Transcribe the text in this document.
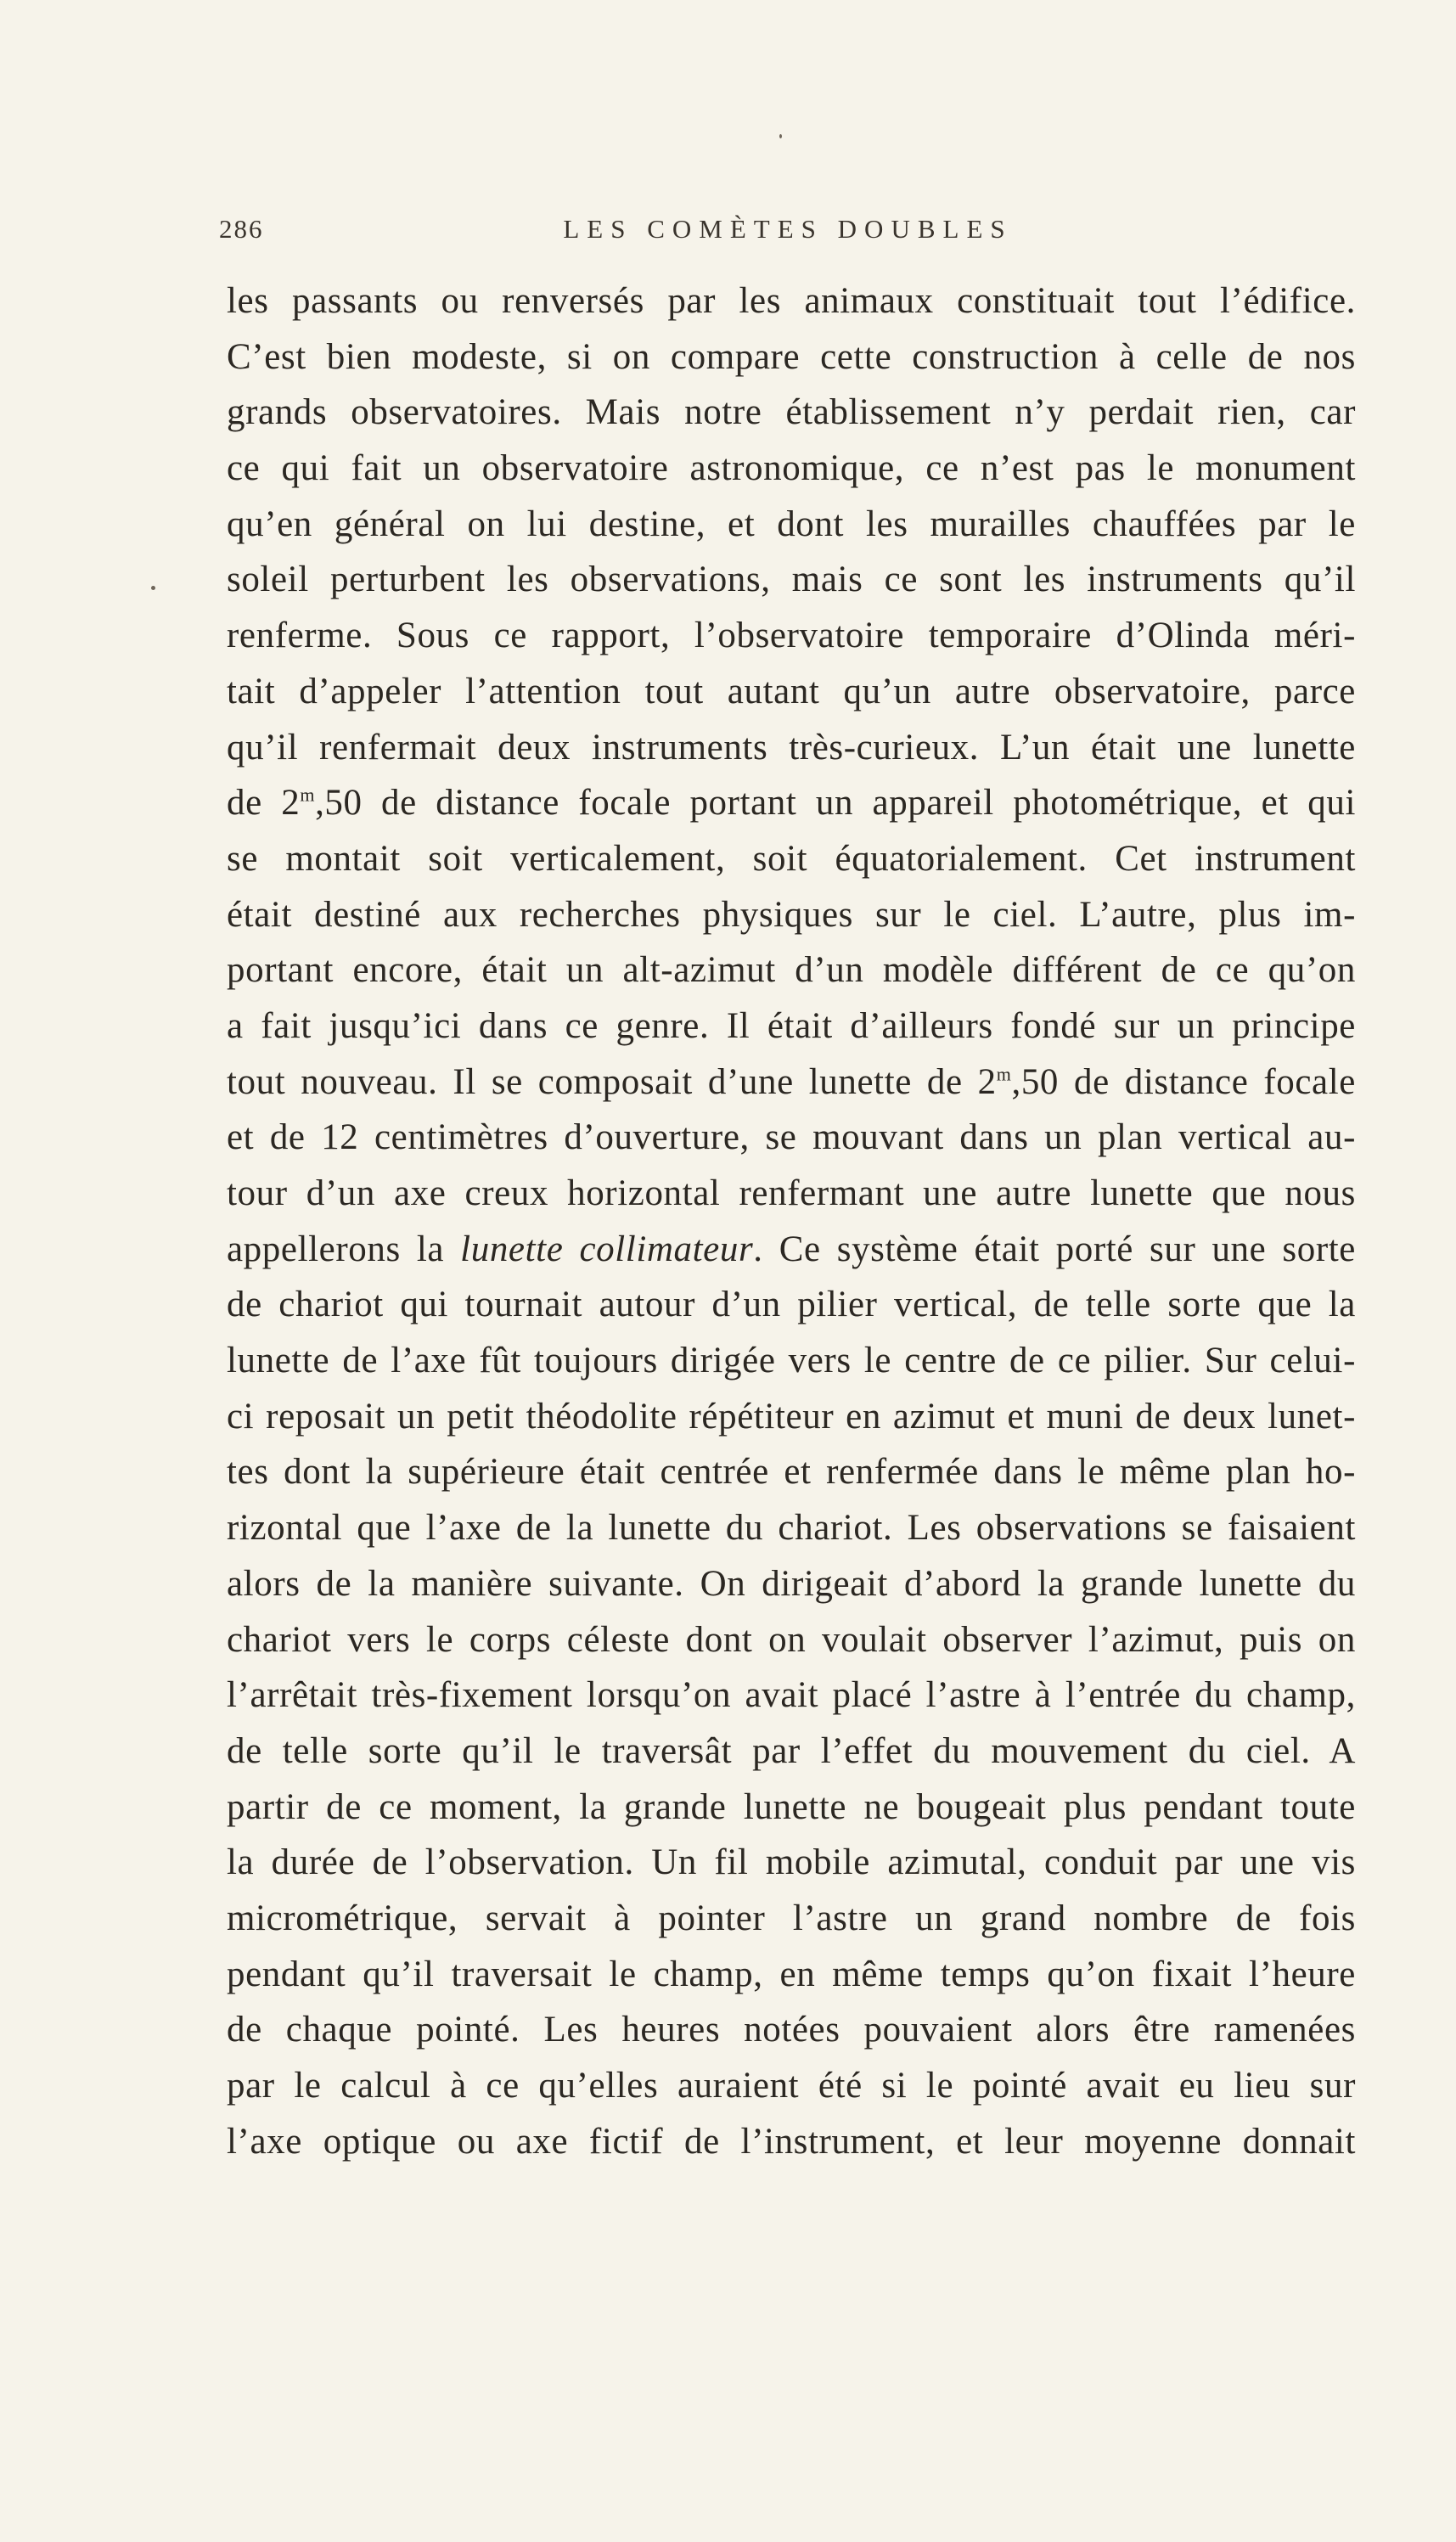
286	LES COMÈTES DOUBLES
les passants ou renversés par les animaux constituait tout l’édifice.
C’est bien modeste, si on compare cette construction à celle de nos
grands observatoires. Mais notre établissement n’y perdait rien, car
ce qui fait un observatoire astronomique, ce n’est pas le monument
qu’en général on lui destine, et dont les murailles chauffées par le
soleil perturbent les observations, mais ce sont les instruments qu’il
renferme. Sous ce rapport, l’observatoire temporaire d’Olinda méri-
tait d’appeler l’attention tout autant qu’un autre observatoire, parce
qu’il renfermait deux instruments très-curieux. L’un était une lunette
de 2$^m$,50 de distance focale portant un appareil photométrique, et qui
se montait soit verticalement, soit équatorialement. Cet instrument
était destiné aux recherches physiques sur le ciel. L’autre, plus im-
portant encore, était un alt-azimut d’un modèle différent de ce qu’on
a fait jusqu’ici dans ce genre. Il était d’ailleurs fondé sur un principe
tout nouveau. Il se composait d’une lunette de 2$^m$,50 de distance focale
et de 12 centimètres d’ouverture, se mouvant dans un plan vertical au-
tour d’un axe creux horizontal renfermant une autre lunette que nous
appellerons la lunette collimateur. Ce système était porté sur une sorte
de chariot qui tournait autour d’un pilier vertical, de telle sorte que la
lunette de l’axe fût toujours dirigée vers le centre de ce pilier. Sur celui-
ci reposait un petit théodolite répétiteur en azimut et muni de deux lunet-
tes dont la supérieure était centrée et renfermée dans le même plan ho-
rizontal que l’axe de la lunette du chariot. Les observations se faisaient
alors de la manière suivante. On dirigeait d’abord la grande lunette du
chariot vers le corps céleste dont on voulait observer l’azimut, puis on
l’arrêtait très-fixement lorsqu’on avait placé l’astre à l’entrée du champ,
de telle sorte qu’il le traversât par l’effet du mouvement du ciel. A
partir de ce moment, la grande lunette ne bougeait plus pendant toute
la durée de l’observation. Un fil mobile azimutal, conduit par une vis
micrométrique, servait à pointer l’astre un grand nombre de fois
pendant qu’il traversait le champ, en même temps qu’on fixait l’heure
de chaque pointé. Les heures notées pouvaient alors être ramenées
par le calcul à ce qu’elles auraient été si le pointé avait eu lieu sur
l’axe optique ou axe fictif de l’instrument, et leur moyenne donnait
